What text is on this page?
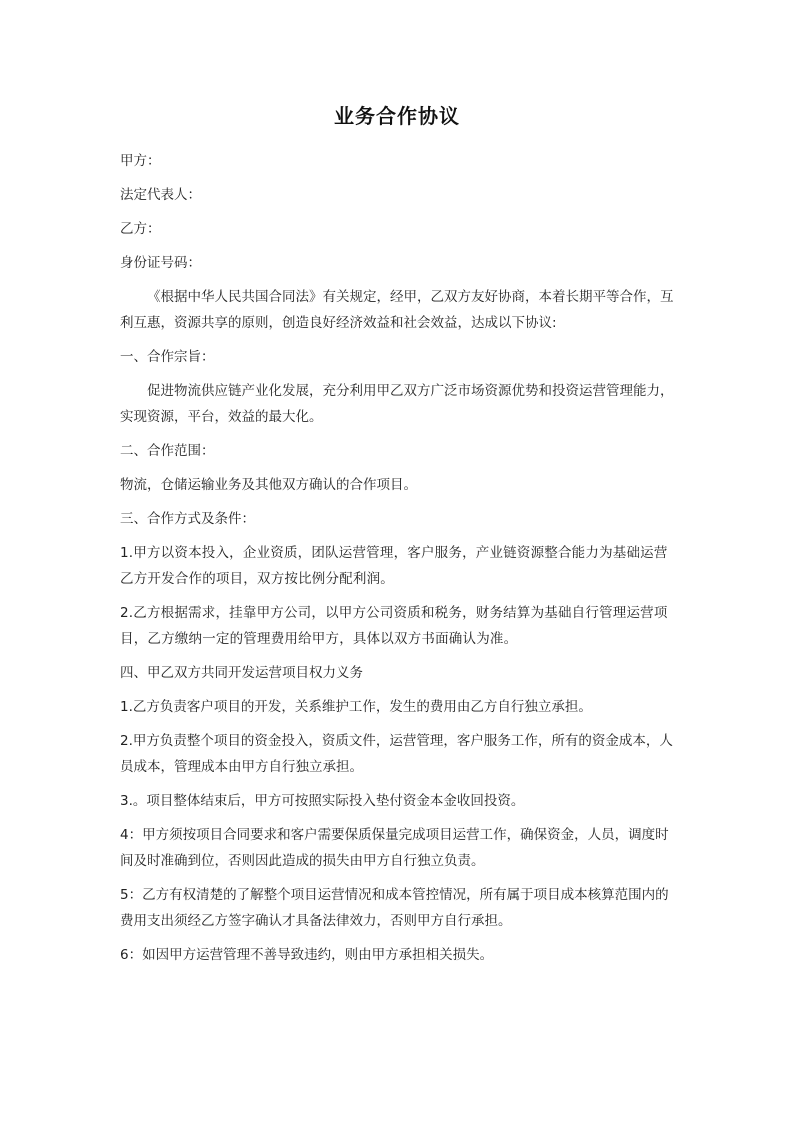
业务合作协议

甲方：

法定代表人：

乙方：

身份证号码：

《根据中华人民共国合同法》有关规定，经甲，乙双方友好协商，本着长期平等合作，互利互惠，资源共享的原则，创造良好经济效益和社会效益，达成以下协议:

一、合作宗旨：

促进物流供应链产业化发展，充分利用甲乙双方广泛市场资源优势和投资运营管理能力，实现资源，平台，效益的最大化。

二、合作范围：

物流，仓储运输业务及其他双方确认的合作项目。

三、合作方式及条件：

1.甲方以资本投入，企业资质，团队运营管理，客户服务，产业链资源整合能力为基础运营乙方开发合作的项目，双方按比例分配利润。

2.乙方根据需求，挂靠甲方公司，以甲方公司资质和税务，财务结算为基础自行管理运营项目，乙方缴纳一定的管理费用给甲方，具体以双方书面确认为准。

四、甲乙双方共同开发运营项目权力义务

1.乙方负责客户项目的开发，关系维护工作，发生的费用由乙方自行独立承担。

2.甲方负责整个项目的资金投入，资质文件，运营管理，客户服务工作，所有的资金成本，人员成本，管理成本由甲方自行独立承担。

3.。项目整体结束后，甲方可按照实际投入垫付资金本金收回投资。

4：甲方须按项目合同要求和客户需要保质保量完成项目运营工作，确保资金，人员，调度时间及时准确到位，否则因此造成的损失由甲方自行独立负责。

5：乙方有权清楚的了解整个项目运营情况和成本管控情况，所有属于项目成本核算范围内的费用支出须经乙方签字确认才具备法律效力，否则甲方自行承担。

6：如因甲方运营管理不善导致违约，则由甲方承担相关损失。
